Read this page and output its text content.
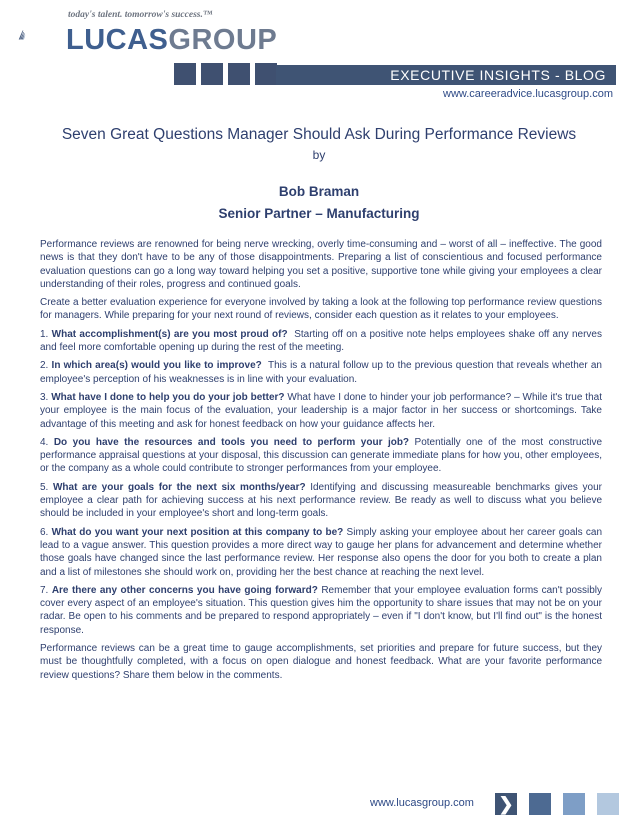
today's talent. tomorrow's success.™
LUCASGROUP
EXECUTIVE INSIGHTS - BLOG
www.careeradvice.lucasgroup.com
Seven Great Questions Manager Should Ask During Performance Reviews
by
Bob Braman
Senior Partner – Manufacturing

Performance reviews are renowned for being nerve wrecking, overly time-consuming and – worst of all – ineffective. The good news is that they don't have to be any of those disappointments. Preparing a list of conscientious and focused performance evaluation questions can go a long way toward helping you set a positive, supportive tone while giving your employees a clear understanding of their roles, progress and continued goals.

Create a better evaluation experience for everyone involved by taking a look at the following top performance review questions for managers. While preparing for your next round of reviews, consider each question as it relates to your employees.

1. What accomplishment(s) are you most proud of? Starting off on a positive note helps employees shake off any nerves and feel more comfortable opening up during the rest of the meeting.

2. In which area(s) would you like to improve? This is a natural follow up to the previous question that reveals whether an employee's perception of his weaknesses is in line with your evaluation.

3. What have I done to help you do your job better? What have I done to hinder your job performance? – While it's true that your employee is the main focus of the evaluation, your leadership is a major factor in her success or shortcomings. Take advantage of this meeting and ask for honest feedback on how your guidance affects her.

4. Do you have the resources and tools you need to perform your job? Potentially one of the most constructive performance appraisal questions at your disposal, this discussion can generate immediate plans for how you, other employees, or the company as a whole could contribute to stronger performances from your employee.

5. What are your goals for the next six months/year? Identifying and discussing measureable benchmarks gives your employee a clear path for achieving success at his next performance review. Be ready as well to discuss what you believe should be included in your employee's short and long-term goals.

6. What do you want your next position at this company to be? Simply asking your employee about her career goals can lead to a vague answer. This question provides a more direct way to gauge her plans for advancement and determine whether those goals have changed since the last performance review. Her response also opens the door for you both to create a plan and a list of milestones she should work on, providing her the best chance at reaching the next level.

7. Are there any other concerns you have going forward? Remember that your employee evaluation forms can't possibly cover every aspect of an employee's situation. This question gives him the opportunity to share issues that may not be on your radar. Be open to his comments and be prepared to respond appropriately – even if "I don't know, but I'll find out" is the honest response.

Performance reviews can be a great time to gauge accomplishments, set priorities and prepare for future success, but they must be thoughtfully completed, with a focus on open dialogue and honest feedback. What are your favorite performance review questions? Share them below in the comments.

www.lucasgroup.com ❯
